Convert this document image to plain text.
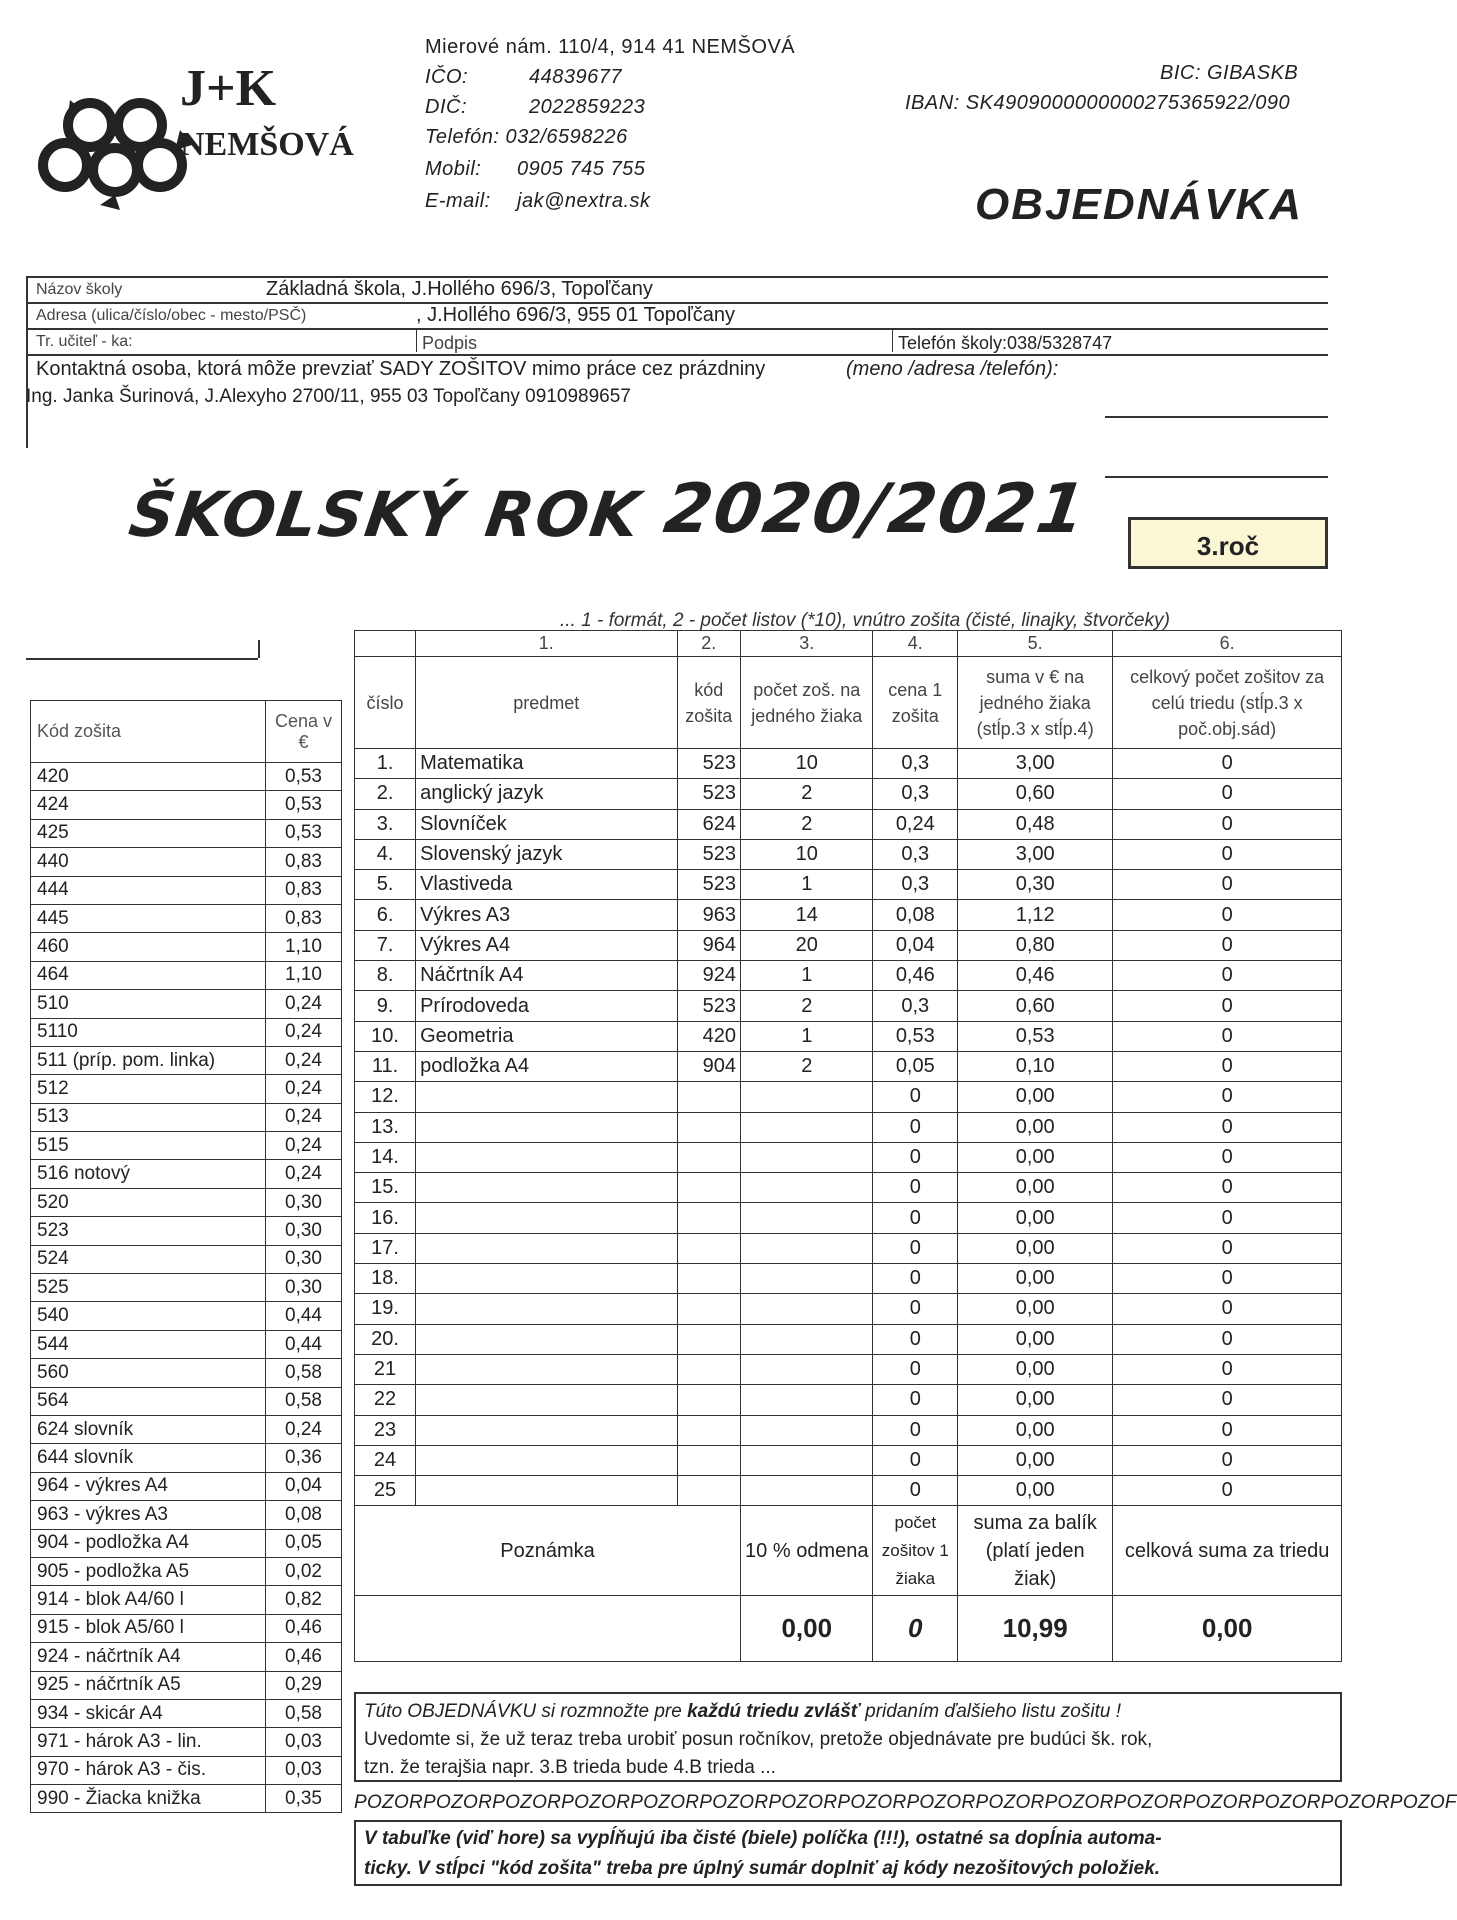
J+K
NEMŠOVÁ
Mierové nám. 110/4, 914 41 NEMŠOVÁ
IČO:	44839677
DIČ:	2022859223
Telefón: 032/6598226
Mobil: 0905 745 755
E-mail: jak@nextra.sk
BIC: GIBASKB
IBAN: SK4909000000000275365922/090
OBJEDNÁVKA
Názov školy	Základná škola, J.Hollého 696/3, Topoľčany
Adresa (ulica/číslo/obec - mesto/PSČ)	, J.Hollého 696/3, 955 01 Topoľčany
Tr. učiteľ - ka:	Podpis	Telefón školy:038/5328747
Kontaktná osoba, ktorá môže prevziať SADY ZOŠITOV mimo práce cez prázdniny	(meno /adresa /telefón):
Ing. Janka Šurinová, J.Alexyho 2700/11, 955 03 Topoľčany 0910989657
ŠKOLSKÝ ROK 2020/2021	3.roč
... 1 - formát, 2 - počet listov (*10), vnútro zošita (čisté, linajky, štvorčeky)
Kód zošita	Cena v €
420	0,53
424	0,53
425	0,53
440	0,83
444	0,83
445	0,83
460	1,10
464	1,10
510	0,24
5110	0,24
511 (príp. pom. linka)	0,24
512	0,24
513	0,24
515	0,24
516 notový	0,24
520	0,30
523	0,30
524	0,30
525	0,30
540	0,44
544	0,44
560	0,58
564	0,58
624 slovník	0,24
644 slovník	0,36
964 - výkres A4	0,04
963 - výkres A3	0,08
904 - podložka A4	0,05
905 - podložka A5	0,02
914 - blok A4/60 l	0,82
915 - blok A5/60 l	0,46
924 - náčrtník A4	0,46
925 - náčrtník A5	0,29
934 - skicár A4	0,58
971 - hárok A3 - lin.	0,03
970 - hárok A3 - čis.	0,03
990 - Žiacka knižka	0,35
	1.	2.	3.	4.	5.	6.
číslo	predmet	kód zošita	počet zoš. na jedného žiaka	cena 1 zošita	suma v € na jedného žiaka (stĺp.3 x stĺp.4)	celkový počet zošitov za celú triedu (stĺp.3 x poč.obj.sád)
1.	Matematika	523	10	0,3	3,00	0
2.	anglický jazyk	523	2	0,3	0,60	0
3.	Slovníček	624	2	0,24	0,48	0
4.	Slovenský jazyk	523	10	0,3	3,00	0
5.	Vlastiveda	523	1	0,3	0,30	0
6.	Výkres A3	963	14	0,08	1,12	0
7.	Výkres A4	964	20	0,04	0,80	0
8.	Náčrtník A4	924	1	0,46	0,46	0
9.	Prírodoveda	523	2	0,3	0,60	0
10.	Geometria	420	1	0,53	0,53	0
11.	podložka A4	904	2	0,05	0,10	0
12.				0	0,00	0
13.				0	0,00	0
14.				0	0,00	0
15.				0	0,00	0
16.				0	0,00	0
17.				0	0,00	0
18.				0	0,00	0
19.				0	0,00	0
20.				0	0,00	0
21				0	0,00	0
22				0	0,00	0
23				0	0,00	0
24				0	0,00	0
25				0	0,00	0
Poznámka			10 % odmena	počet zošitov 1 žiaka	suma za balík (platí jeden žiak)	celková suma za triedu
			0,00	0	10,99	0,00
Túto OBJEDNÁVKU si rozmnožte pre každú triedu zvlášť pridaním ďalšieho listu zošitu !
Uvedomte si, že už teraz treba urobiť posun ročníkov, pretože objednávate pre budúci šk. rok,
tzn. že terajšia napr. 3.B trieda bude 4.B trieda ...
POZORPOZORPOZORPOZORPOZORPOZORPOZORPOZORPOZORPOZORPOZORPOZORPOZORPOZORPOZORPOZOF
V tabuľke (viď hore) sa vypĺňujú iba čisté (biele) políčka (!!!), ostatné sa dopĺnia automa-
ticky. V stĺpci "kód zošita" treba pre úplný sumár doplniť aj kódy nezošitových položiek.
